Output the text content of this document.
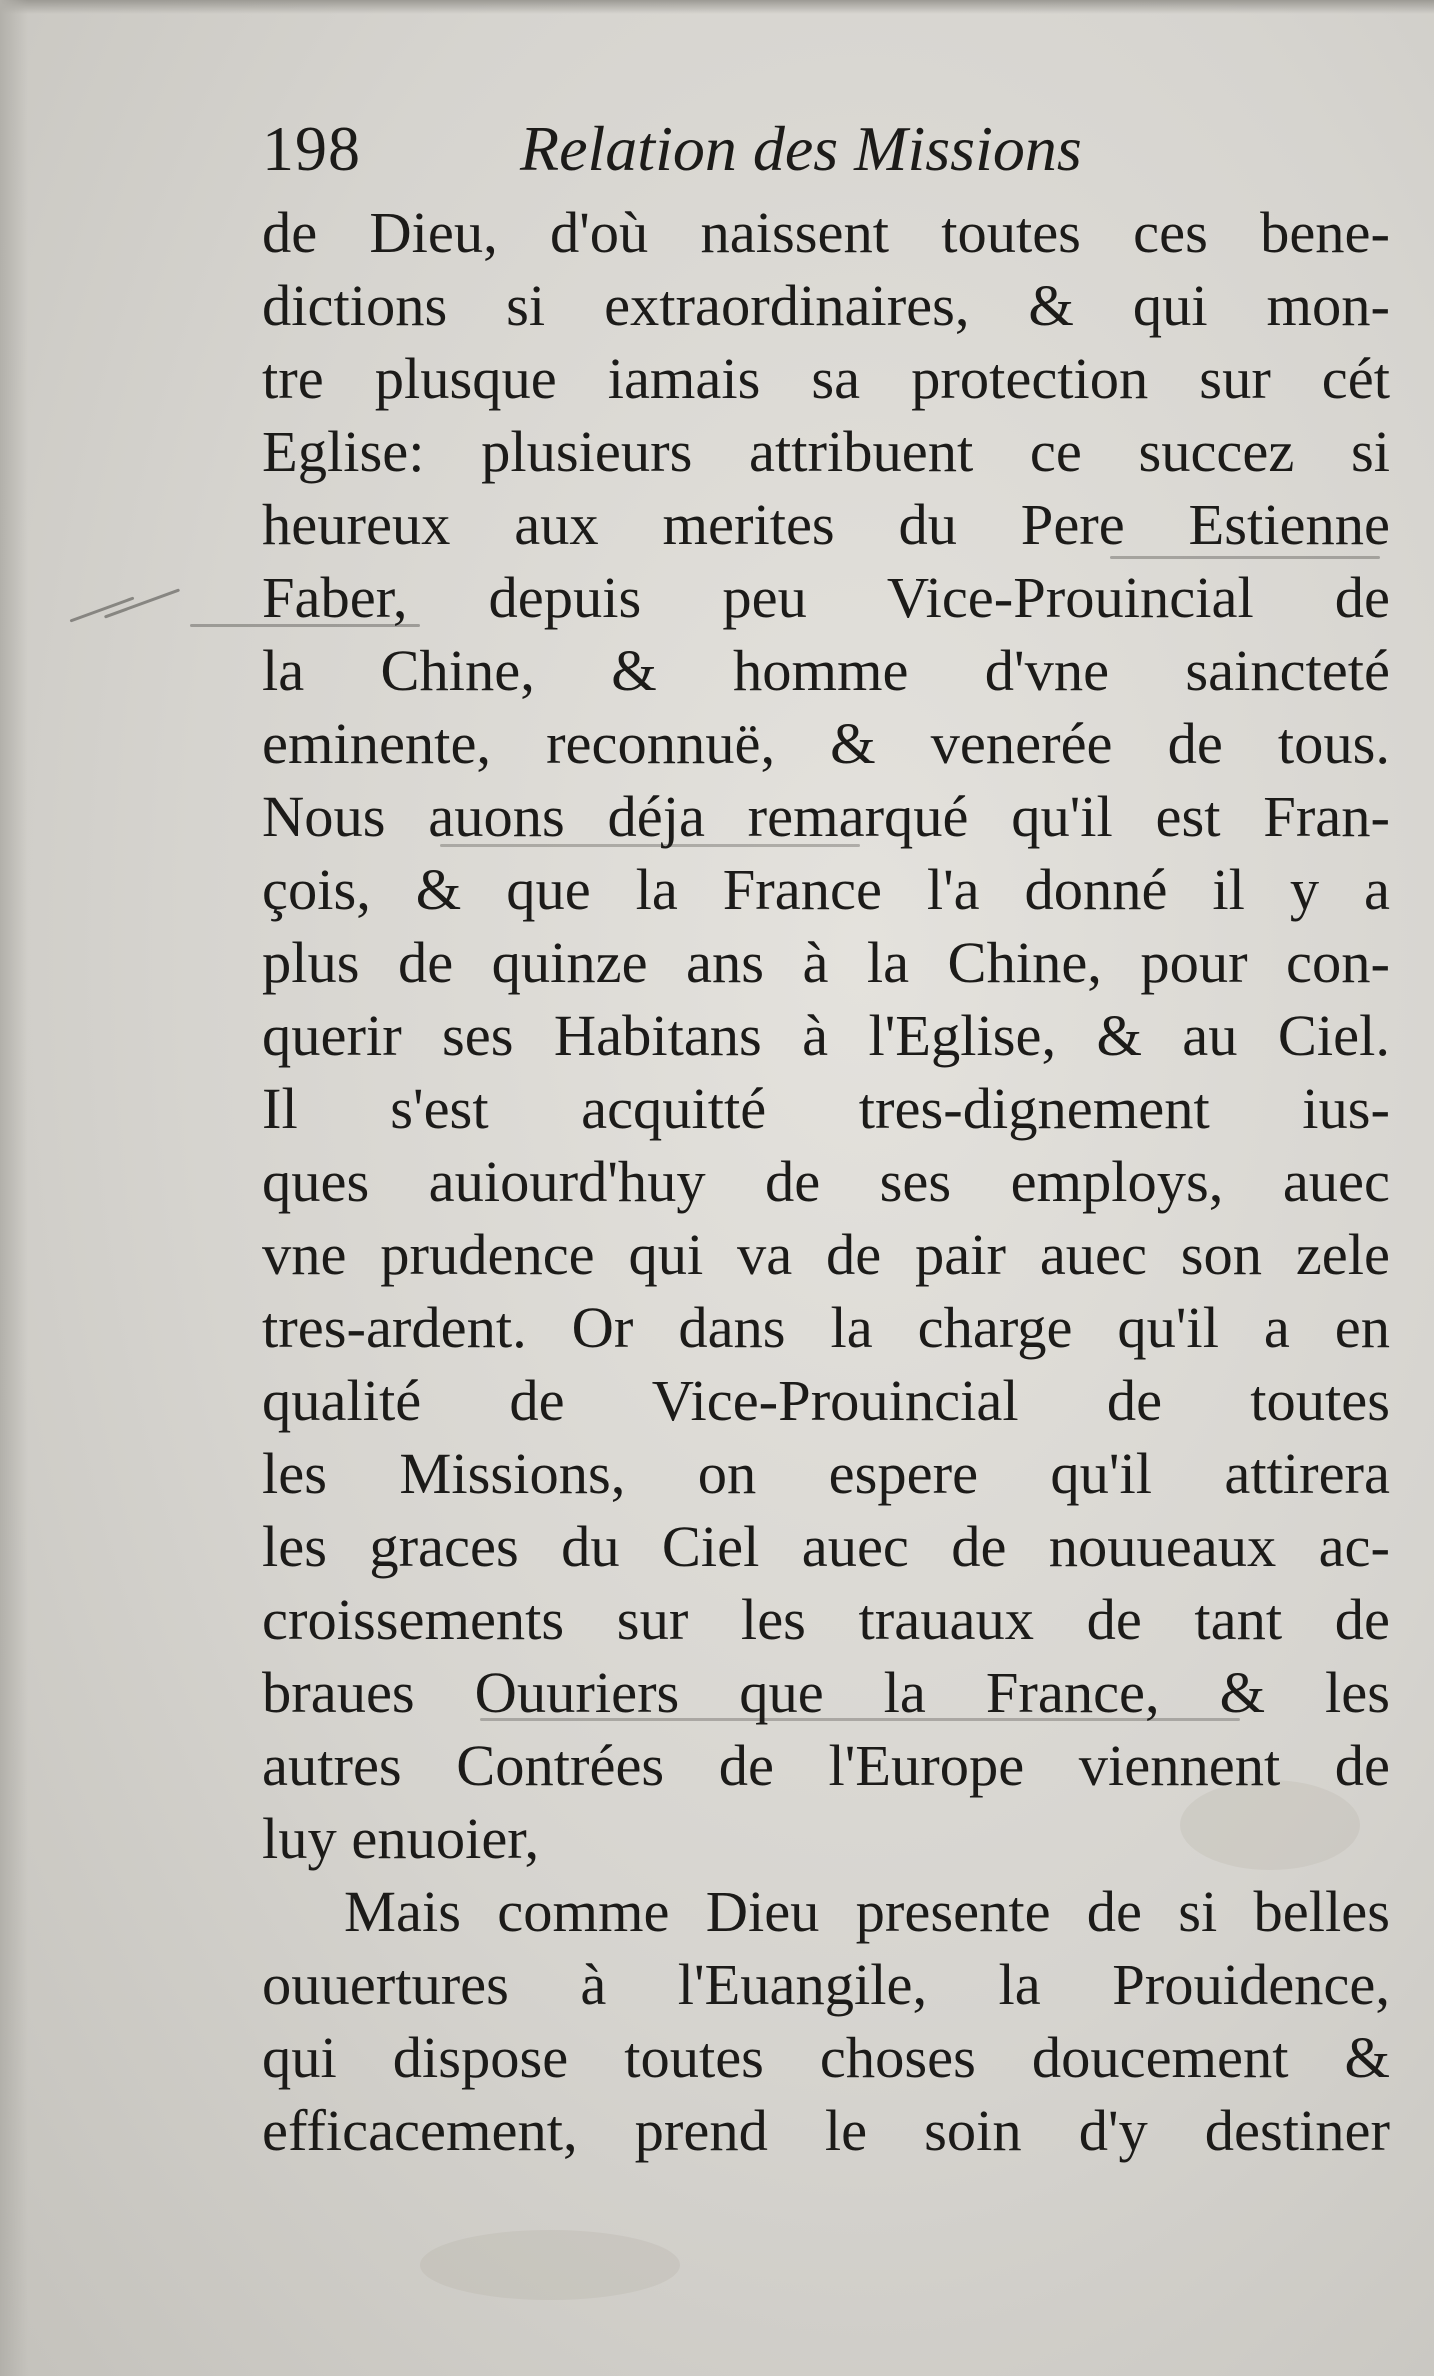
198 Relation des Missions
de Dieu, d'où naissent toutes ces bene-
dictions si extraordinaires, & qui mon-
tre plusque iamais sa protection sur cét
Eglise: plusieurs attribuent ce succez si
heureux aux merites du Pere Estienne
Faber, depuis peu Vice-Prouincial de
la Chine, & homme d'vne saincteté
eminente, reconnuë, & venerée de tous.
Nous auons déja remarqué qu'il est Fran-
çois, & que la France l'a donné il y a
plus de quinze ans à la Chine, pour con-
querir ses Habitans à l'Eglise, & au Ciel.
Il s'est acquitté tres-dignement ius-
ques auiourd'huy de ses employs, auec
vne prudence qui va de pair auec son zele
tres-ardent. Or dans la charge qu'il a en
qualité de Vice-Prouincial de toutes
les Missions, on espere qu'il attirera
les graces du Ciel auec de nouueaux ac-
croissements sur les trauaux de tant de
braues Ouuriers que la France, & les
autres Contrées de l'Europe viennent de
luy enuoier,
Mais comme Dieu presente de si belles
ouuertures à l'Euangile, la Prouidence,
qui dispose toutes choses doucement &
efficacement, prend le soin d'y destiner
